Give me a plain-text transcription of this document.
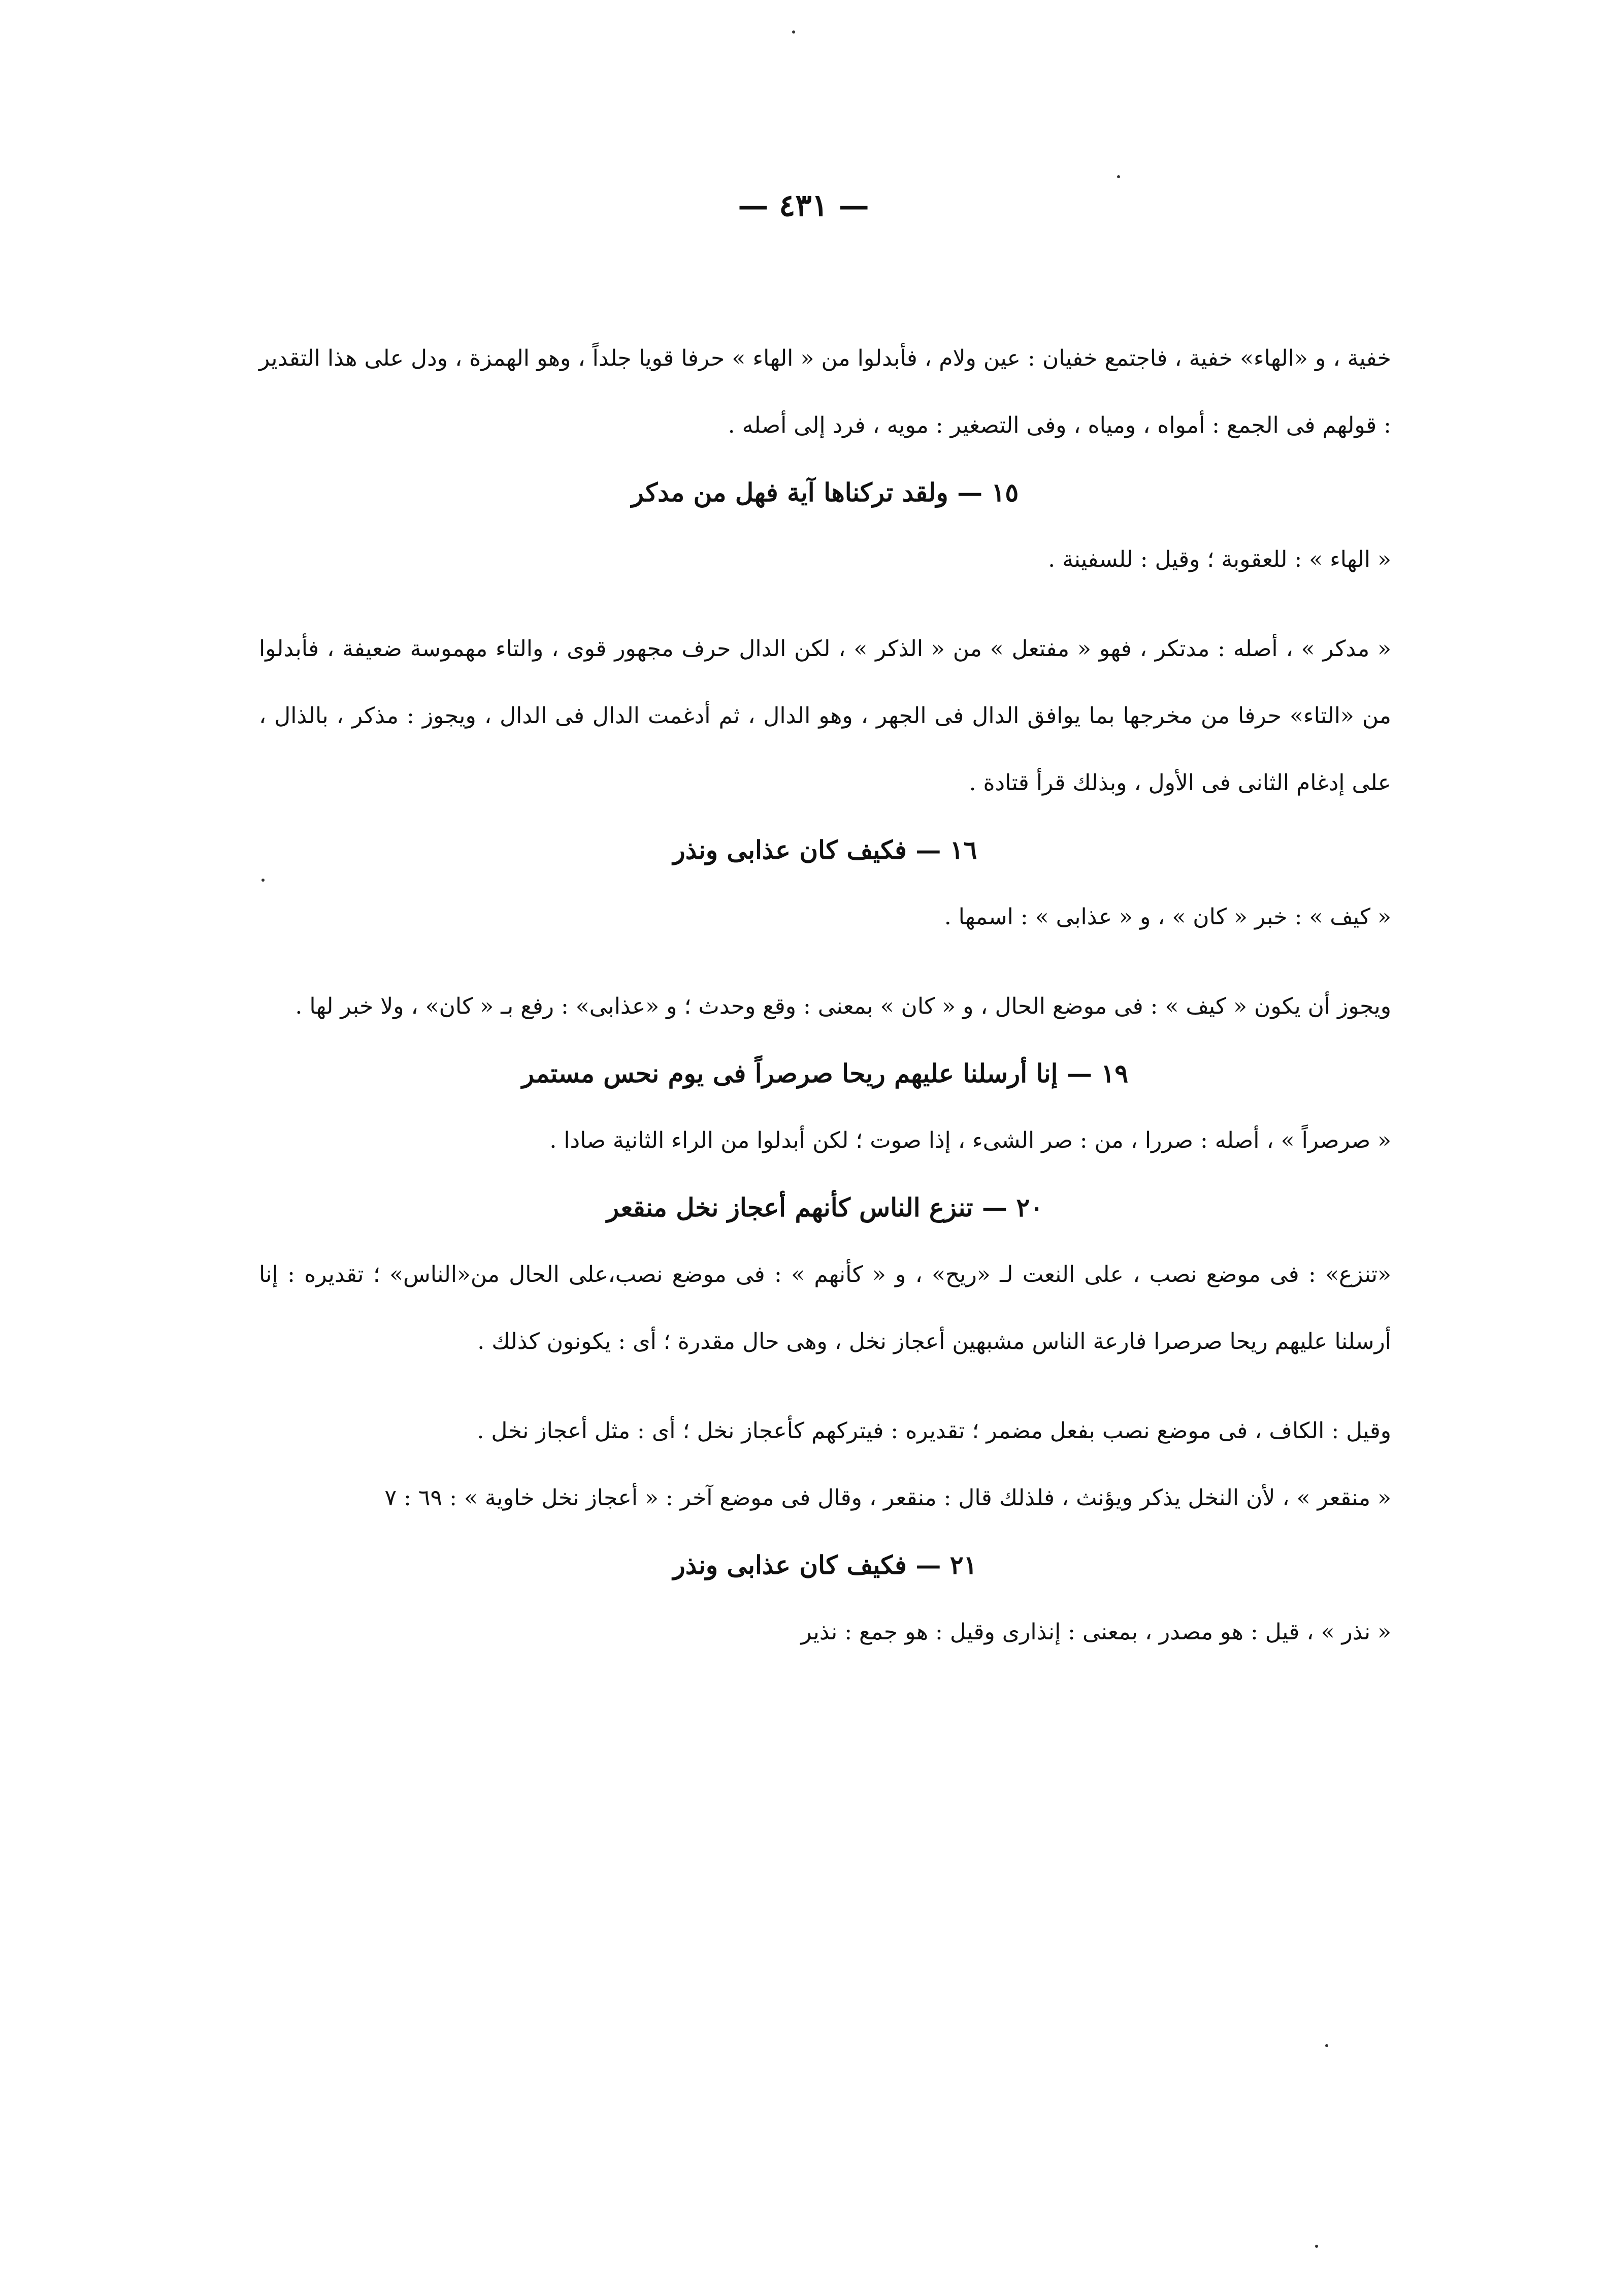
— ٤٣١ —

خفية ، و «الهاء» خفية ، فاجتمع خفيان : عين ولام ، فأبدلوا من « الهاء » حرفا قويا جلداً ، وهو الهمزة ، ودل على هذا التقدير : قولهم فى الجمع : أمواه ، ومياه ، وفى التصغير : مويه ، فرد إلى أصله .

١٥ — ولقد تركناها آية فهل من مدكر

« الهاء » : للعقوبة ؛ وقيل : للسفينة .

« مدكر » ، أصله : مدتكر ، فهو « مفتعل » من « الذكر » ، لكن الدال حرف مجهور قوى ، والتاء مهموسة ضعيفة ، فأبدلوا من «التاء» حرفا من مخرجها بما يوافق الدال فى الجهر ، وهو الدال ، ثم أدغمت الدال فى الدال ، ويجوز : مذكر ، بالذال ، على إدغام الثانى فى الأول ، وبذلك قرأ قتادة .

١٦ — فكيف كان عذابى ونذر

« كيف » : خبر « كان » ، و « عذابى » : اسمها .

ويجوز أن يكون « كيف » : فى موضع الحال ، و « كان » بمعنى : وقع وحدث ؛ و «عذابى» : رفع بـ « كان» ، ولا خبر لها .

١٩ — إنا أرسلنا عليهم ريحا صرصراً فى يوم نحس مستمر

« صرصراً » ، أصله : صررا ، من : صر الشىء ، إذا صوت ؛ لكن أبدلوا من الراء الثانية صادا .

٢٠ — تنزع الناس كأنهم أعجاز نخل منقعر

«تنزع» : فى موضع نصب ، على النعت لـ «ريح» ، و « كأنهم » : فى موضع نصب،على الحال من«الناس» ؛ تقديره : إنا أرسلنا عليهم ريحا صرصرا فارعة الناس مشبهين أعجاز نخل ، وهى حال مقدرة ؛ أى : يكونون كذلك .

وقيل : الكاف ، فى موضع نصب بفعل مضمر ؛ تقديره : فيتركهم كأعجاز نخل ؛ أى : مثل أعجاز نخل .

« منقعر » ، لأن النخل يذكر ويؤنث ، فلذلك قال : منقعر ، وقال فى موضع آخر : « أعجاز نخل خاوية » : ٦٩ : ٧

٢١ — فكيف كان عذابى ونذر

« نذر » ، قيل : هو مصدر ، بمعنى : إنذارى وقيل : هو جمع : نذير
